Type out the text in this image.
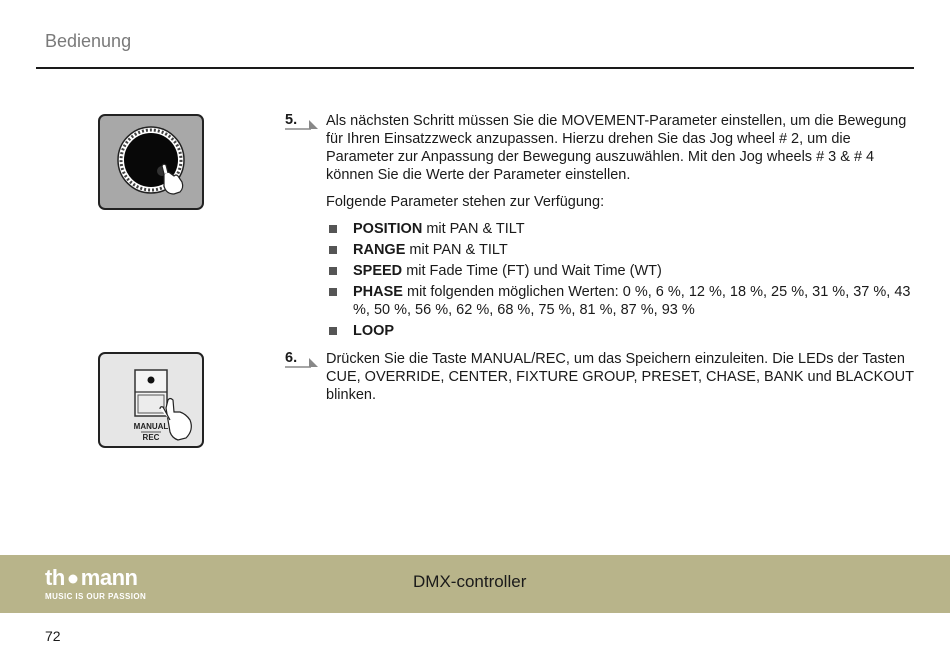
Bedienung
MANUAL
REC
5. Als nächsten Schritt müssen Sie die MOVEMENT-Parameter einstellen, um die Bewegung für Ihren Einsatzzweck anzupassen. Hierzu drehen Sie das Jog wheel # 2, um die Parameter zur Anpassung der Bewegung auszuwählen. Mit den Jog wheels # 3 & # 4 können Sie die Werte der Parameter einstellen.

Folgende Parameter stehen zur Verfügung:

POSITION mit PAN & TILT
RANGE mit PAN & TILT
SPEED mit Fade Time (FT) und Wait Time (WT)
PHASE mit folgenden möglichen Werten: 0 %, 6 %, 12 %, 18 %, 25 %, 31 %, 37 %, 43 %, 50 %, 56 %, 62 %, 68 %, 75 %, 81 %, 87 %, 93 %
LOOP
6. Drücken Sie die Taste MANUAL/REC, um das Speichern einzuleiten. Die LEDs der Tasten CUE, OVERRIDE, CENTER, FIXTURE GROUP, PRESET, CHASE, BANK und BLACKOUT blinken.

th mann
MUSIC IS OUR PASSION
DMX-controller
72
